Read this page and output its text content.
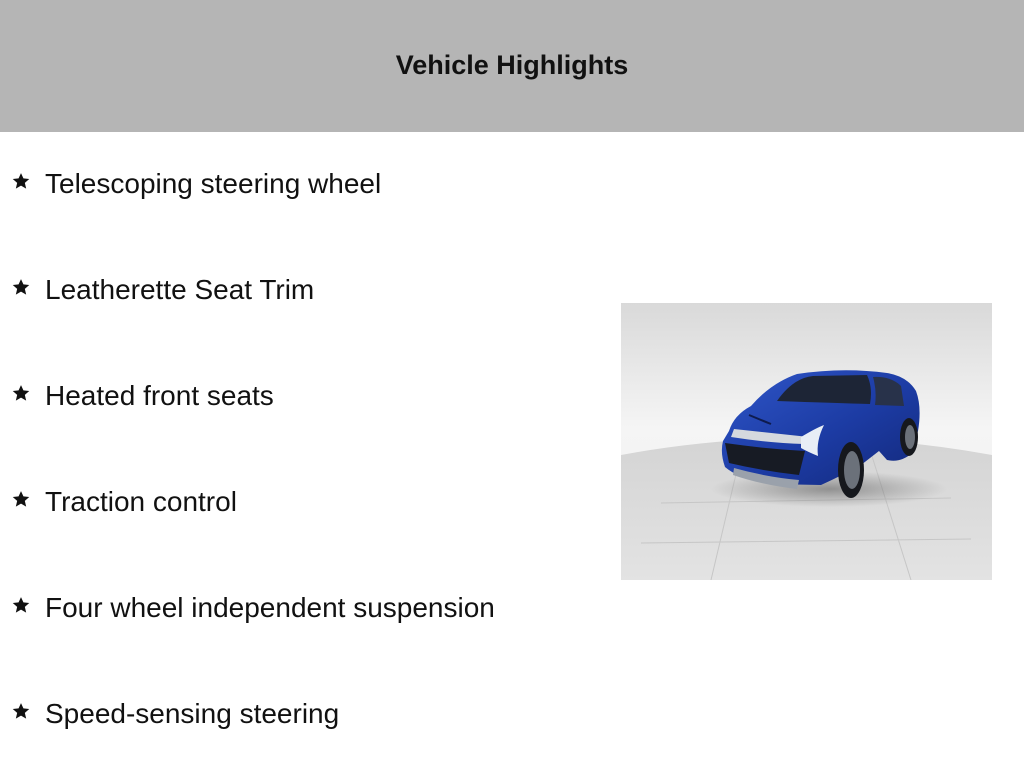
Vehicle Highlights
Telescoping steering wheel
Leatherette Seat Trim
Heated front seats
Traction control
Four wheel independent suspension
Speed-sensing steering
